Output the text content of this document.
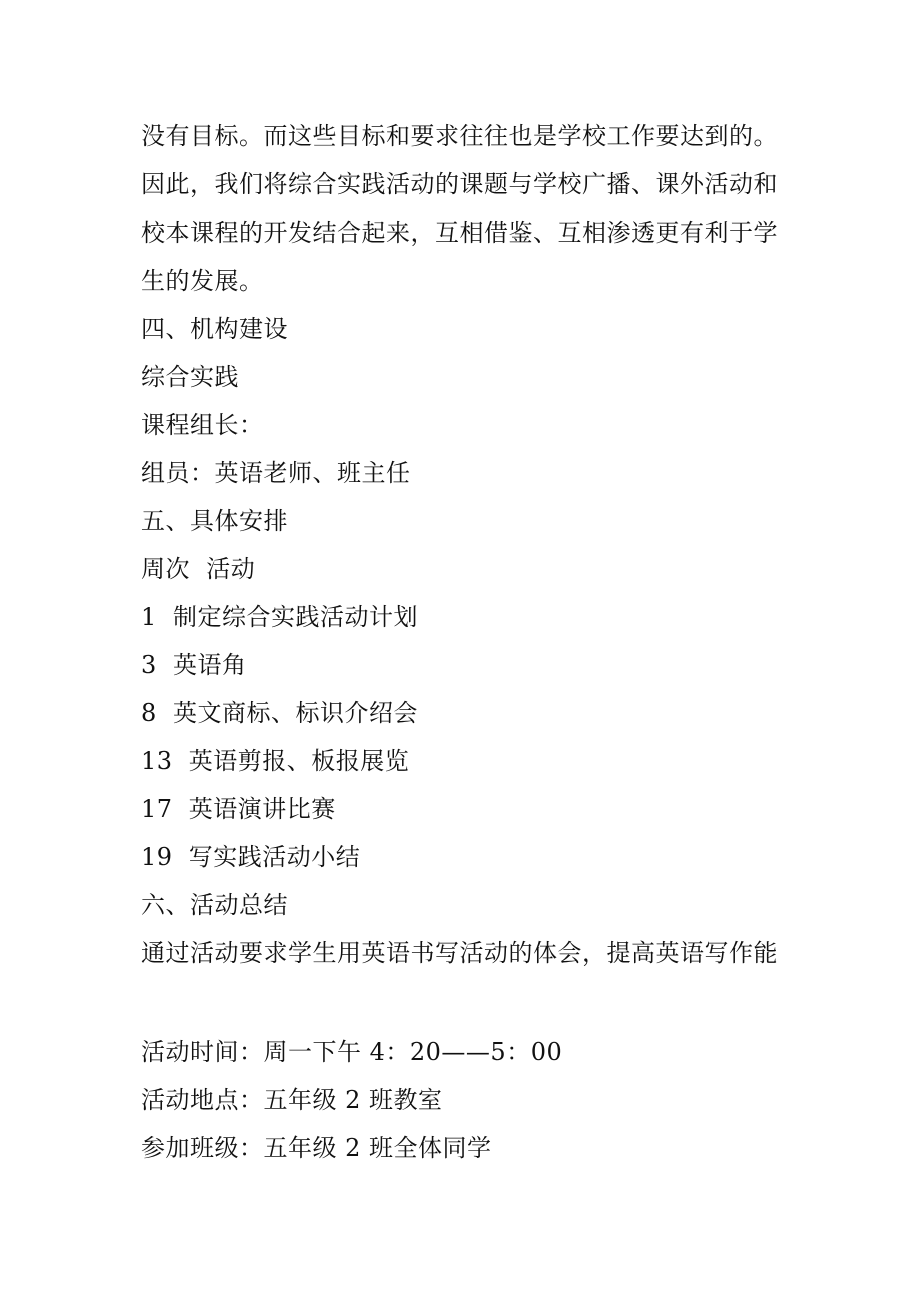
没有目标。而这些目标和要求往往也是学校工作要达到的。
因此，我们将综合实践活动的课题与学校广播、课外活动和
校本课程的开发结合起来，互相借鉴、互相渗透更有利于学
生的发展。
四、机构建设
综合实践
课程组长：
组员：英语老师、班主任
五、具体安排
周次  活动
1  制定综合实践活动计划
3  英语角
8  英文商标、标识介绍会
13  英语剪报、板报展览
17  英语演讲比赛
19  写实践活动小结
六、活动总结
通过活动要求学生用英语书写活动的体会，提高英语写作能
活动时间：周一下午 4：20——5：00
活动地点：五年级 2 班教室
参加班级：五年级 2 班全体同学
